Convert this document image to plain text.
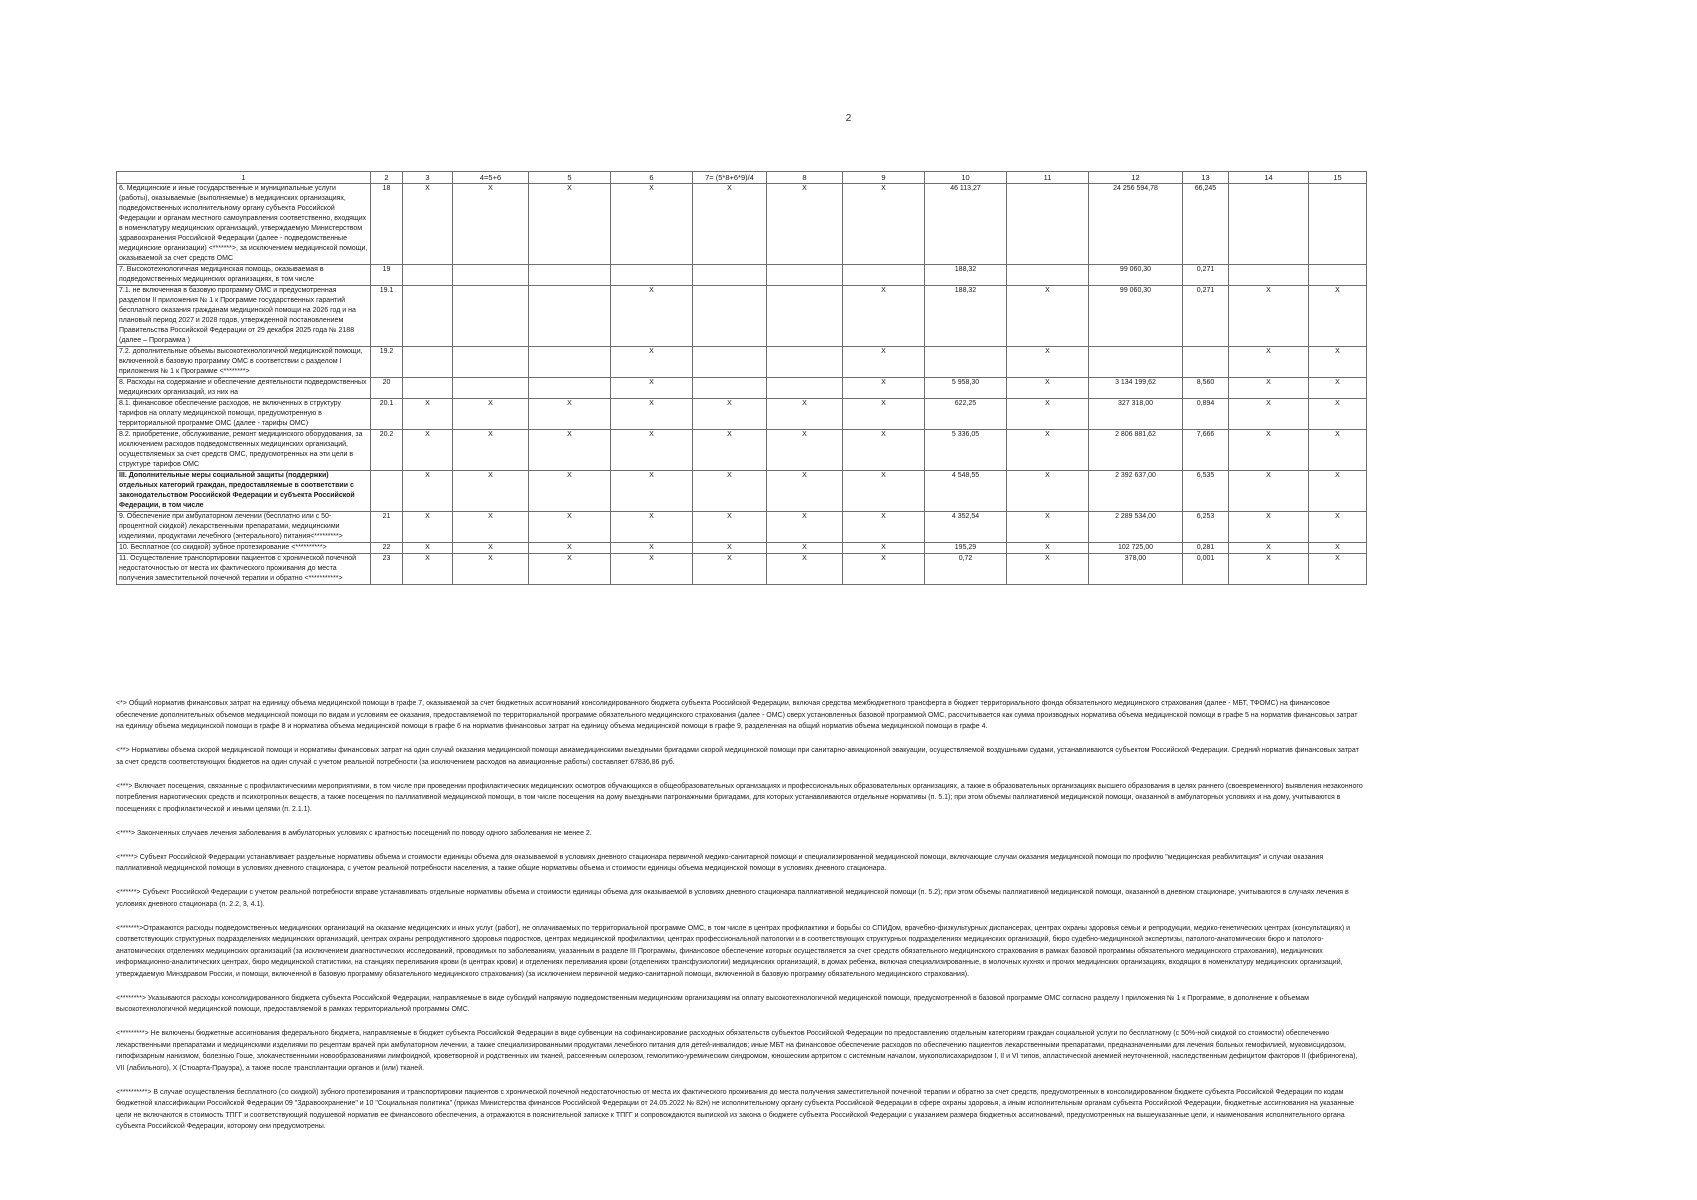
2
1	2	3	4=5+6	5	6	7= (5*8+6*9)/4	8	9	10	11	12	13	14	15
6. Медицинские и иные государственные и муниципальные услуги (работы), оказываемые (выполняемые) в медицинских организациях, подведомственных исполнительному органу субъекта Российской Федерации и органам местного самоуправления соответственно, входящих в номенклатуру медицинских организаций, утверждаемую Министерством здравоохранения Российской Федерации (далее - подведомственные медицинские организации) <*******>, за исключением медицинской помощи, оказываемой за счет средств ОМС	18	X	X	X	X	X	X	X	46 113,27		24 256 594,78	66,245		
7. Высокотехнологичная медицинская помощь, оказываемая в подведомственных медицинских организациях, в том числе	19								188,32		99 060,30	0,271		
7.1. не включенная в базовую программу ОМС и предусмотренная разделом II приложения № 1 к Программе государственных гарантий бесплатного оказания гражданам медицинской помощи на 2026 год и на плановый период 2027 и 2028 годов, утвержденной постановлением Правительства Российской Федерации от 29 декабря 2025 года № 2188 (далее – Программа )	19.1				X			X	188,32	X	99 060,30	0,271	X	X
7.2. дополнительные объемы высокотехнологичной медицинской помощи, включенной в базовую программу ОМС в соответствии с разделом I приложения № 1 к Программе <********>	19.2				X			X		X			X	X
8. Расходы на содержание и обеспечение деятельности подведомственных медицинских организаций, из них на	20				X			X	5 958,30	X	3 134 199,62	8,560	X	X
8.1. финансовое обеспечение расходов, не включенных в структуру тарифов на оплату медицинской помощи, предусмотренную в территориальной программе ОМС (далее - тарифы ОМС)	20.1	X	X	X	X	X	X	X	622,25	X	327 318,00	0,894	X	X
8.2. приобретение, обслуживание, ремонт медицинского оборудования, за исключением расходов подведомственных медицинских организаций, осуществляемых за счет средств ОМС, предусмотренных на эти цели в структуре тарифов ОМС	20.2	X	X	X	X	X	X	X	5 336,05	X	2 806 881,62	7,666	X	X
III. Дополнительные меры социальной защиты (поддержки) отдельных категорий граждан, предоставляемые в соответствии с законодательством Российской Федерации и субъекта Российской Федерации, в том числе		X	X	X	X	X	X	X	4 548,55	X	2 392 637,00	6,535	X	X
9. Обеспечение при амбулаторном лечении (бесплатно или с 50-процентной скидкой) лекарственными препаратами, медицинскими изделиями, продуктами лечебного (энтерального) питания<*********>	21	X	X	X	X	X	X	X	4 352,54	X	2 289 534,00	6,253	X	X
10. Бесплатное (со скидкой) зубное протезирование <**********>	22	X	X	X	X	X	X	X	195,29	X	102 725,00	0,281	X	X
11. Осуществление транспортировки пациентов с хронической почечной недостаточностью от места их фактического проживания до места получения заместительной почечной терапии и обратно <***********>	23	X	X	X	X	X	X	X	0,72	X	378,00	0,001	X	X

<*> Общий норматив финансовых затрат на единицу объема медицинской помощи в графе 7, оказываемой за счет бюджетных ассигнований консолидированного бюджета субъекта Российской Федерации, включая средства межбюджетного трансферта в бюджет территориального фонда обязательного медицинского страхования (далее - МБТ, ТФОМС) на финансовое обеспечение дополнительных объемов медицинской помощи по видам и условиям ее оказания, предоставляемой по территориальной программе обязательного медицинского страхования (далее - ОМС) сверх установленных базовой программой ОМС, рассчитывается как сумма производных норматива объема медицинской помощи в графе 5 на норматив финансовых затрат на единицу объема медицинской помощи в графе 8 и норматива объема медицинской помощи в графе 6 на норматив финансовых затрат на единицу объема медицинской помощи в графе 9, разделенная на общий норматив объема медицинской помощи в графе 4.

<**> Нормативы объема скорой медицинской помощи и нормативы финансовых затрат на один случай оказания медицинской помощи авиамедицинскими выездными бригадами скорой медицинской помощи при санитарно-авиационной эвакуации, осуществляемой воздушными судами, устанавливаются субъектом Российской Федерации. Средний норматив финансовых затрат за счет средств соответствующих бюджетов на один случай с учетом реальной потребности (за исключением расходов на авиационные работы) составляет 67836,86 руб.

<***> Включает посещения, связанные с профилактическими мероприятиями, в том числе при проведении профилактических медицинских осмотров обучающихся в общеобразовательных организациях и профессиональных образовательных организациях, а также в образовательных организациях высшего образования в целях раннего (своевременного) выявления незаконного потребления наркотических средств и психотропных веществ, а также посещения по паллиативной медицинской помощи, в том числе посещения на дому выездными патронажными бригадами, для которых устанавливаются отдельные нормативы (п. 5.1); при этом объемы паллиативной медицинской помощи, оказанной в амбулаторных условиях и на дому, учитываются в посещениях с профилактической и иными целями (п. 2.1.1).

<****> Законченных случаев лечения заболевания в амбулаторных условиях с кратностью посещений по поводу одного заболевания не менее 2.

<*****> Субъект Российской Федерации устанавливает раздельные нормативы объема и стоимости единицы объема для оказываемой в условиях дневного стационара первичной медико-санитарной помощи и специализированной медицинской помощи, включающие случаи оказания медицинской помощи по профилю "медицинская реабилитация" и случаи оказания паллиативной медицинской помощи в условиях дневного стационара, с учетом реальной потребности населения, а также общие нормативы объема и стоимости единицы объема медицинской помощи в условиях дневного стационара.

<******> Субъект Российской Федерации с учетом реальной потребности вправе устанавливать отдельные нормативы объема и стоимости единицы объема для оказываемой в условиях дневного стационара паллиативной медицинской помощи (п. 5.2); при этом объемы паллиативной медицинской помощи, оказанной в дневном стационаре, учитываются в случаях лечения в условиях дневного стационара (п. 2.2, 3, 4.1).

<*******>Отражаются расходы подведомственных медицинских организаций на оказание медицинских и иных услуг (работ), не оплачиваемых по территориальной программе ОМС, в том числе в центрах профилактики и борьбы со СПИДом, врачебно-физкультурных диспансерах, центрах охраны здоровья семьи и репродукции, медико-генетических центрах (консультациях) и соответствующих структурных подразделениях медицинских организаций, центрах охраны репродуктивного здоровья подростков, центрах медицинской профилактики, центрах профессиональной патологии и в соответствующих структурных подразделениях медицинских организаций, бюро судебно-медицинской экспертизы, патолого-анатомических бюро и патолого-анатомических отделениях медицинских организаций (за исключением диагностических исследований, проводимых по заболеваниям, указанным в разделе III Программы, финансовое обеспечение которых осуществляется за счет средств обязательного медицинского страхования в рамках базовой программы обязательного медицинского страхования), медицинских информационно-аналитических центрах, бюро медицинской статистики, на станциях переливания крови (в центрах крови) и отделениях переливания крови (отделениях трансфузиологии) медицинских организаций, в домах ребенка, включая специализированные, в молочных кухнях и прочих медицинских организациях, входящих в номенклатуру медицинских организаций, утверждаемую Минздравом России, и помощи, включенной в базовую программу обязательного медицинского страхования) (за исключением первичной медико-санитарной помощи, включенной в базовую программу обязательного медицинского страхования).

<********> Указываются расходы консолидированного бюджета субъекта Российской Федерации, направляемые в виде субсидий напрямую подведомственным медицинским организациям на оплату высокотехнологичной медицинской помощи, предусмотренной в базовой программе ОМС согласно разделу I приложения № 1 к Программе, в дополнение к объемам высокотехнологичной медицинской помощи, предоставляемой в рамках территориальной программы ОМС.

<*********> Не включены бюджетные ассигнования федерального бюджета, направляемые в бюджет субъекта Российской Федерации в виде субвенции на софинансирование расходных обязательств субъектов Российской Федерации по предоставлению отдельным категориям граждан социальной услуги по бесплатному (с 50%-ной скидкой со стоимости) обеспечению лекарственными препаратами и медицинскими изделиями по рецептам врачей при амбулаторном лечении, а также специализированными продуктами лечебного питания для детей-инвалидов; иные МБТ на финансовое обеспечение расходов по обеспечению пациентов лекарственными препаратами, предназначенными для лечения больных гемофилией, муковисцидозом, гипофизарным нанизмом, болезнью Гоше, злокачественными новообразованиями лимфоидной, кроветворной и родственных им тканей, рассеянным склерозом, гемолитико-уремическим синдромом, юношеским артритом с системным началом, мукополисахаридозом I, II и VI типов, апластической анемией неуточненной, наследственным дефицитом факторов II (фибриногена), VII (лабильного), X (Стюарта-Прауэра), а также после трансплантации органов и (или) тканей.

<**********> В случае осуществления бесплатного (со скидкой) зубного протезирования и транспортировки пациентов с хронической почечной недостаточностью от места их фактического проживания до места получения заместительной почечной терапии и обратно за счет средств, предусмотренных в консолидированном бюджете субъекта Российской Федерации по кодам бюджетной классификации Российской Федерации 09 "Здравоохранение" и 10 "Социальная политика" (приказ Министерства финансов Российской Федерации от 24.05.2022 № 82н) не исполнительному органу субъекта Российской Федерации в сфере охраны здоровья, а иным исполнительным органам субъекта Российской Федерации, бюджетные ассигнования на указанные цели не включаются в стоимость ТПГГ и соответствующий подушевой норматив ее финансового обеспечения, а отражаются в пояснительной записке к ТПГГ и сопровождаются выпиской из закона о бюджете субъекта Российской Федерации с указанием размера бюджетных ассигнований, предусмотренных на вышеуказанные цели, и наименования исполнительного органа субъекта Российской Федерации, которому они предусмотрены.
